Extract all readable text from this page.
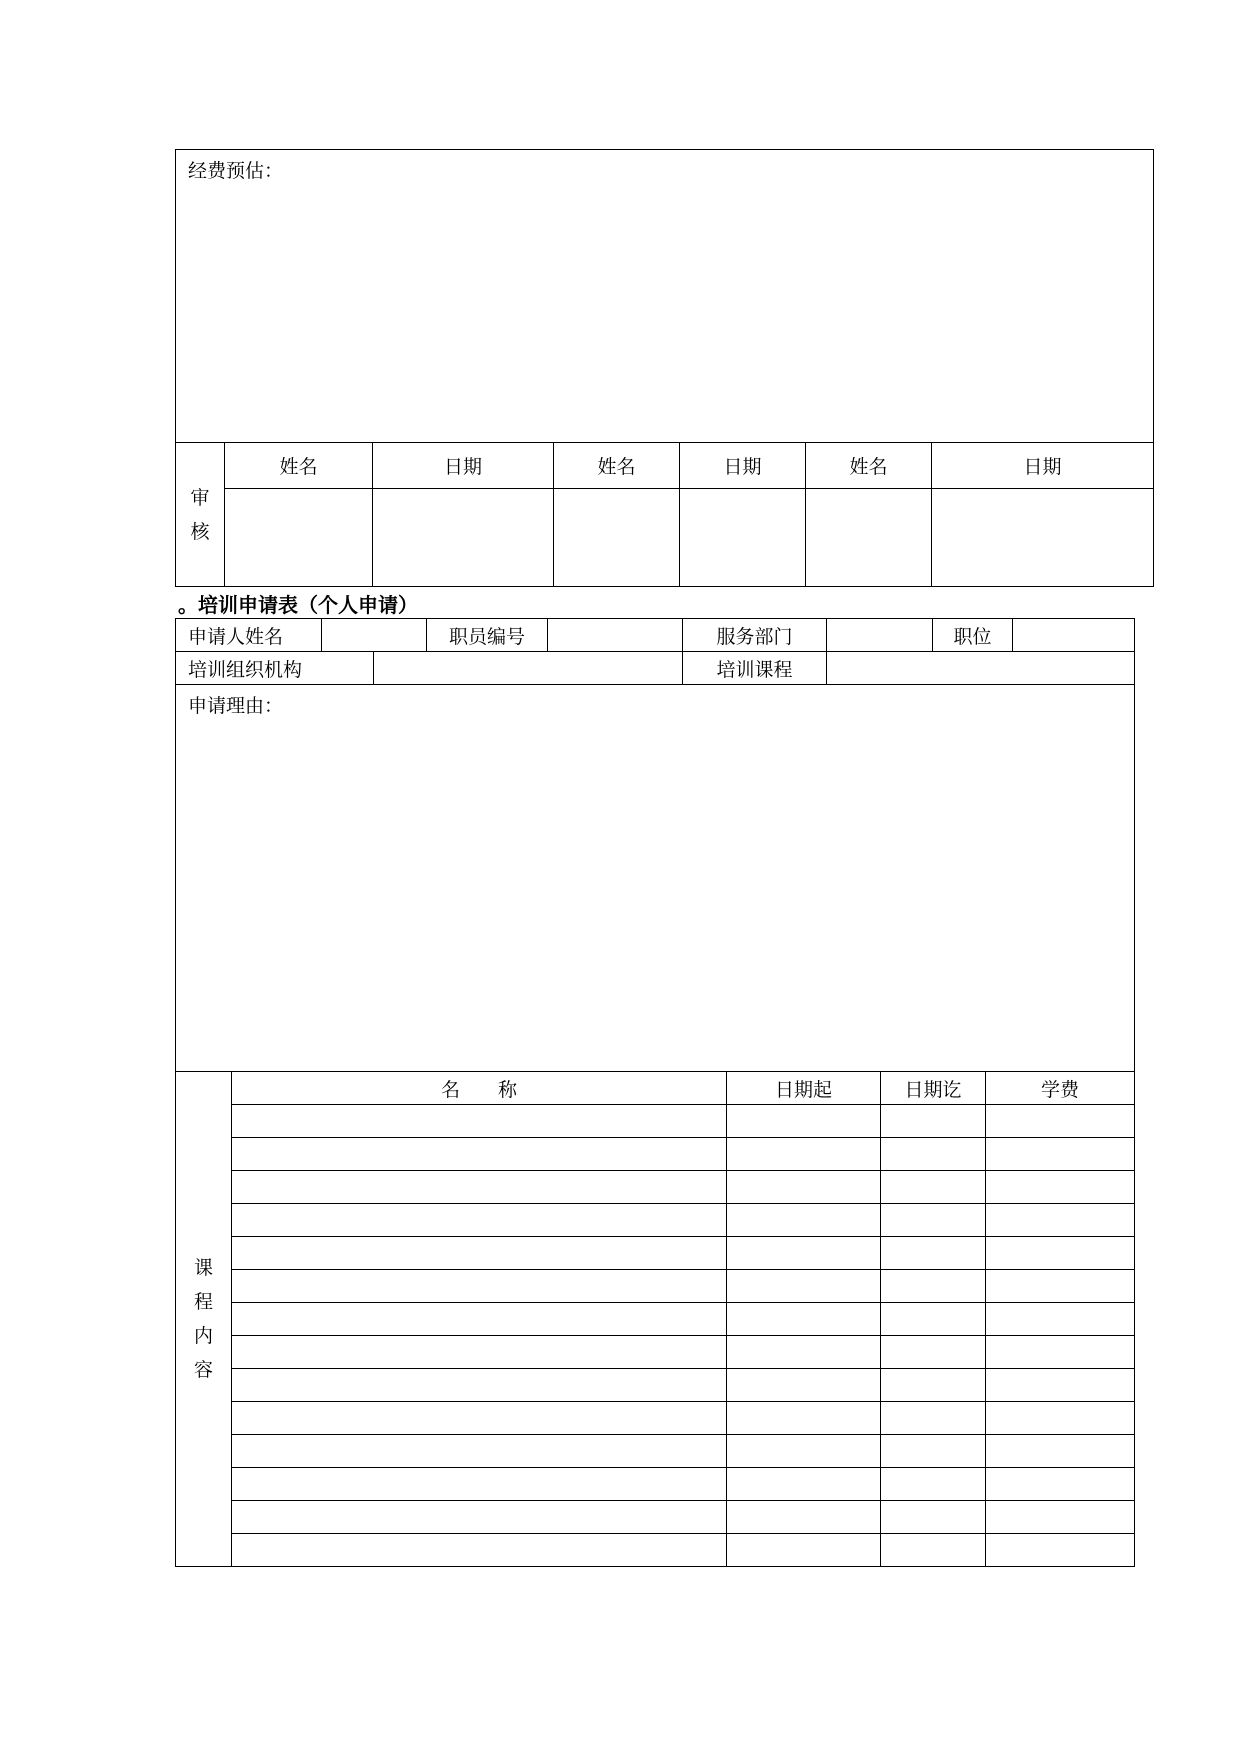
经费预估：						

审
核	姓名	日期	姓名	日期	姓名	日期

。培训申请表（个人申请）
申请人姓名			职员编号		服务部门		职位	
培训组织机构					培训课程			
申请理由：								
课
程
内
容	名 称	日期起	日期讫	学费
